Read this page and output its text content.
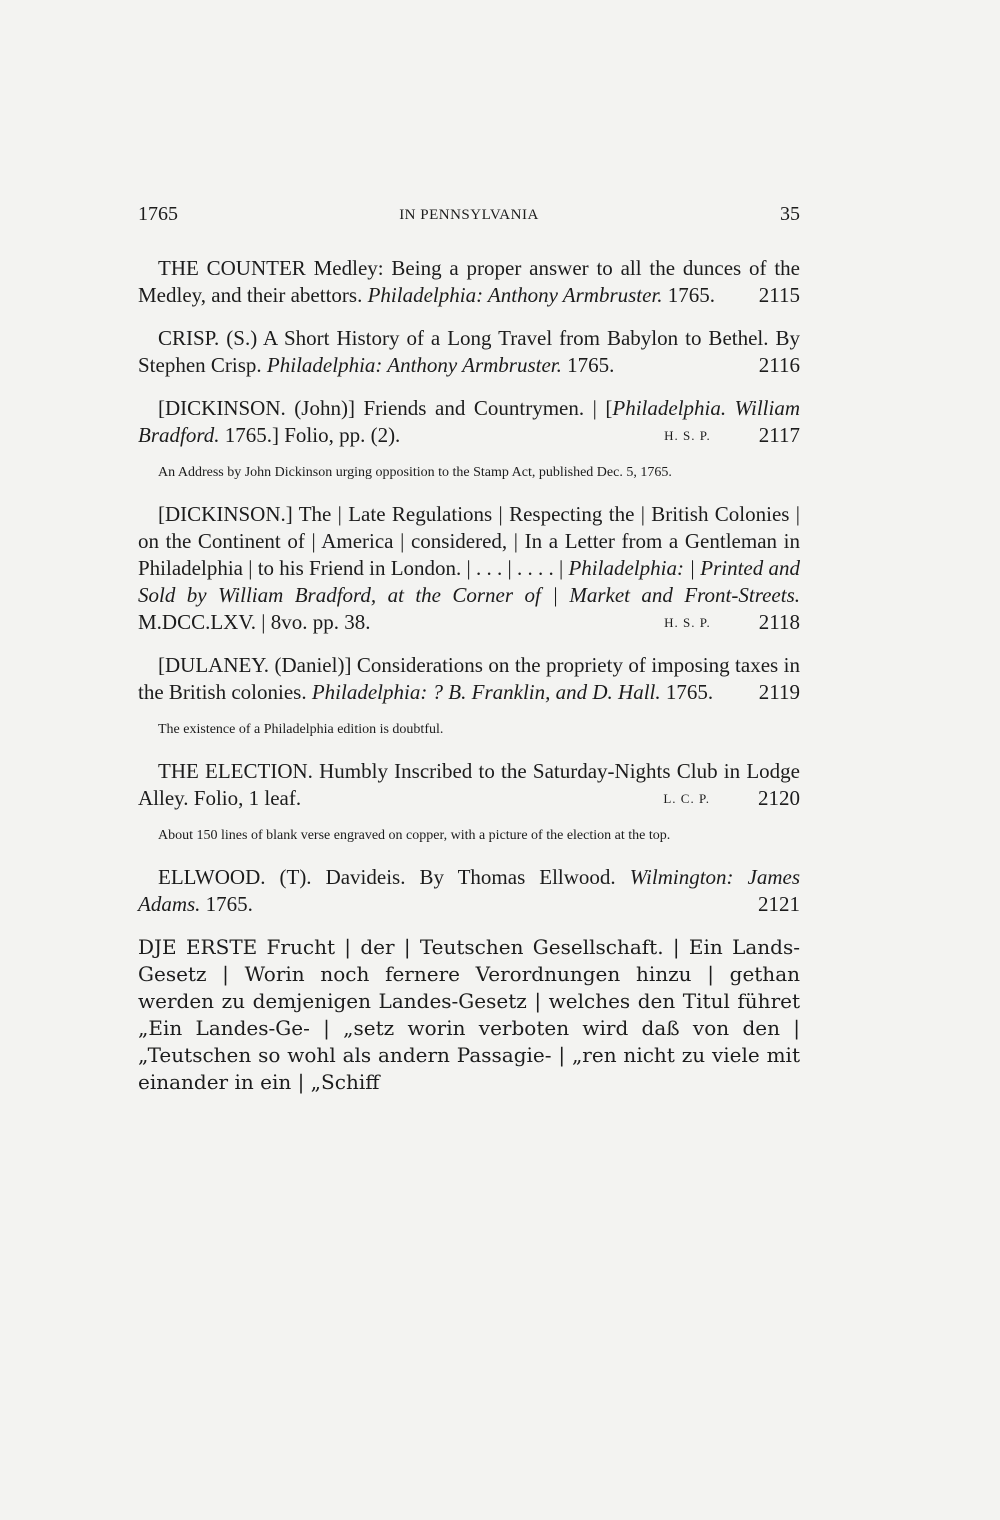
1765	IN PENNSYLVANIA	35

THE COUNTER Medley: Being a proper answer to all the dunces of the Medley, and their abettors. Philadelphia: Anthony Armbruster. 1765.	2115

CRISP. (S.) A Short History of a Long Travel from Babylon to Bethel. By Stephen Crisp. Philadelphia: Anthony Armbruster. 1765.	2116

[DICKINSON. (John)] Friends and Countrymen. | [Philadelphia. William Bradford. 1765.] Folio, pp. (2).	2117
H. S. P.

An Address by John Dickinson urging opposition to the Stamp Act, published Dec. 5, 1765.

[DICKINSON.] The | Late Regulations | Respecting the | British Colonies | on the Continent of | America | considered, | In a Letter from a Gentleman in Philadelphia | to his Friend in London. | . . . | . . . . | Philadelphia: | Printed and Sold by William Bradford, at the Corner of | Market and Front-Streets. M.DCC.LXV. | 8vo. pp. 38.	2118
H. S. P.

[DULANEY. (Daniel)] Considerations on the propriety of imposing taxes in the British colonies. Philadelphia: ? B. Franklin, and D. Hall. 1765.	2119

The existence of a Philadelphia edition is doubtful.

THE ELECTION. Humbly Inscribed to the Saturday-Nights Club in Lodge Alley. Folio, 1 leaf.	2120
L. C. P.

About 150 lines of blank verse engraved on copper, with a picture of the election at the top.

ELLWOOD. (T). Davideis. By Thomas Ellwood. Wilmington: James Adams. 1765.	2121

DJE ERSTE Frucht | der | Teutschen Gesellschaft. | Ein Lands-Gesetz | Worin noch fernere Verordnungen hinzu | gethan werden zu demjenigen Landes-Gesetz | welches den Titul führet „Ein Landes-Ge- | „setz worin verboten wird daß von den | „Teutschen so wohl als andern Passagie- | „ren nicht zu viele mit einander in ein | „Schiff
